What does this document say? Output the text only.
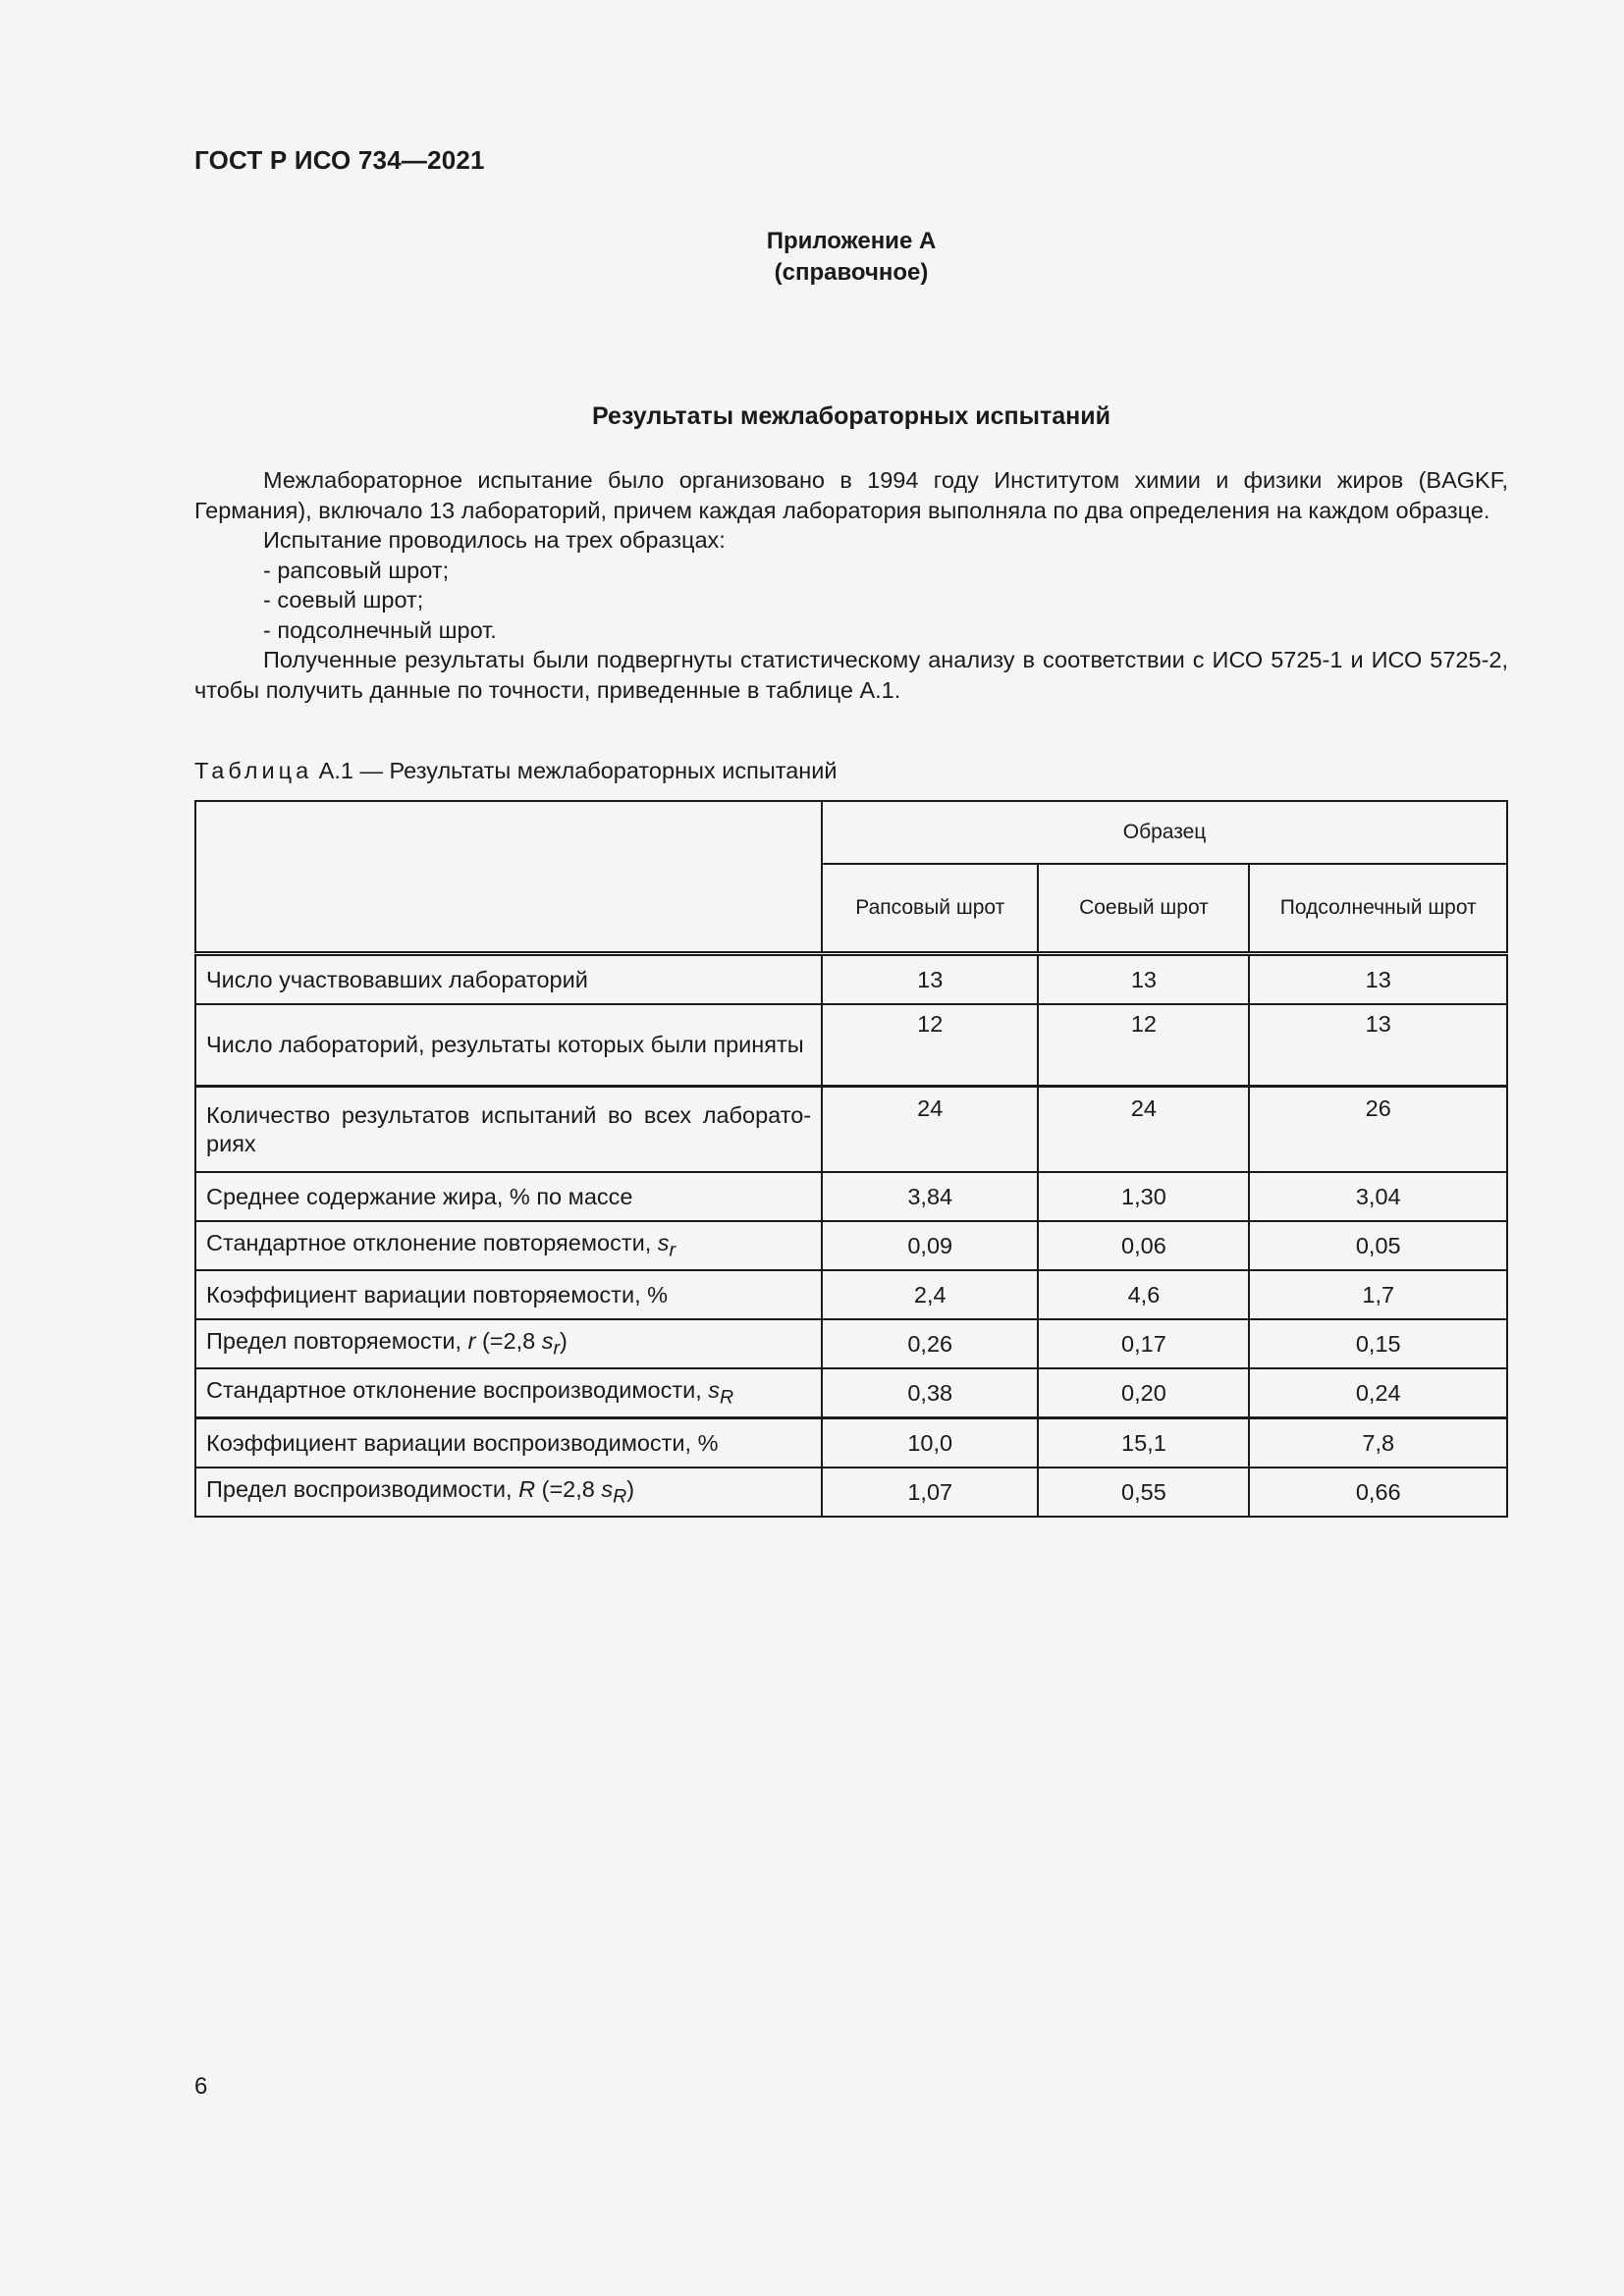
ГОСТ Р ИСО 734—2021
Приложение А
(справочное)
Результаты межлабораторных испытаний

Межлабораторное испытание было организовано в 1994 году Институтом химии и физики жиров (BAGKF, Германия), включало 13 лабораторий, причем каждая лаборатория выполняла по два определения на каждом образце.

Испытание проводилось на трех образцах:

- рапсовый шрот;

- соевый шрот;

- подсолнечный шрот.

Полученные результаты были подвергнуты статистическому анализу в соответствии с ИСО 5725-1 и ИСО 5725-2, чтобы получить данные по точности, приведенные в таблице А.1.

Таблица А.1 — Результаты межлабораторных испытаний
	Образец		
	Рапсовый шрот	Соевый шрот	Подсолнечный шрот
Число участвовавших лабораторий	13	13	13
Число лабораторий, результаты которых были приняты	12	12	13
Количество результатов испытаний во всех лаборато-риях	24	24	26
Среднее содержание жира, % по массе	3,84	1,30	3,04
Стандартное отклонение повторяемости, $s_r$	0,09	0,06	0,05
Коэффициент вариации повторяемости, %	2,4	4,6	1,7
Предел повторяемости, r (=2,8 $s_r$)	0,26	0,17	0,15
Стандартное отклонение воспроизводимости, $s_R$	0,38	0,20	0,24
Коэффициент вариации воспроизводимости, %	10,0	15,1	7,8
Предел воспроизводимости, R (=2,8 $s_R$)	1,07	0,55	0,66
6
